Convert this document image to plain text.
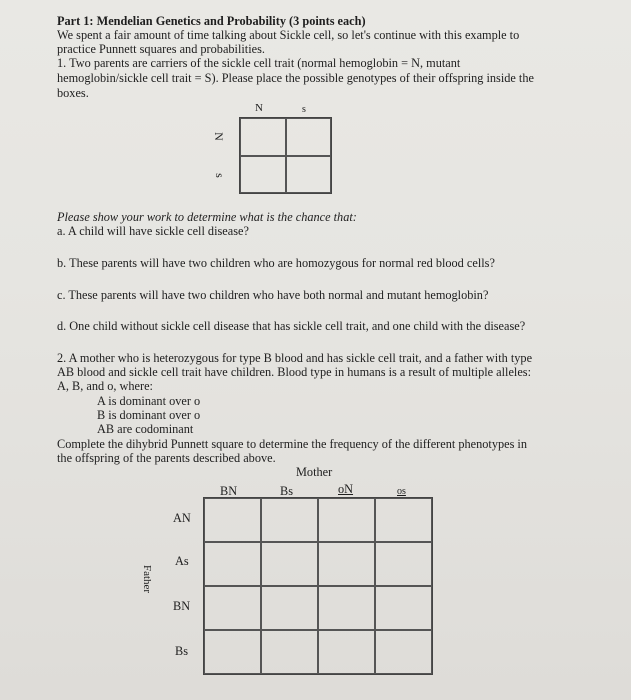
Part 1: Mendelian Genetics and Probability (3 points each)
We spent a fair amount of time talking about Sickle cell, so let's continue with this example to
practice Punnett squares and probabilities.
1. Two parents are carriers of the sickle cell trait (normal hemoglobin = N, mutant
hemoglobin/sickle cell trait = S). Please place the possible genotypes of their offspring inside the
boxes.
N	s
N
s
Please show your work to determine what is the chance that:
a. A child will have sickle cell disease?
b. These parents will have two children who are homozygous for normal red blood cells?
c. These parents will have two children who have both normal and mutant hemoglobin?
d. One child without sickle cell disease that has sickle cell trait, and one child with the disease?
2. A mother who is heterozygous for type B blood and has sickle cell trait, and a father with type
AB blood and sickle cell trait have children. Blood type in humans is a result of multiple alleles:
A, B, and o, where:
A is dominant over o
B is dominant over o
AB are codominant
Complete the dihybrid Punnett square to determine the frequency of the different phenotypes in
the offspring of the parents described above.
Mother
BN	Bs	oN	os
AN
As
BN
Bs
Father
